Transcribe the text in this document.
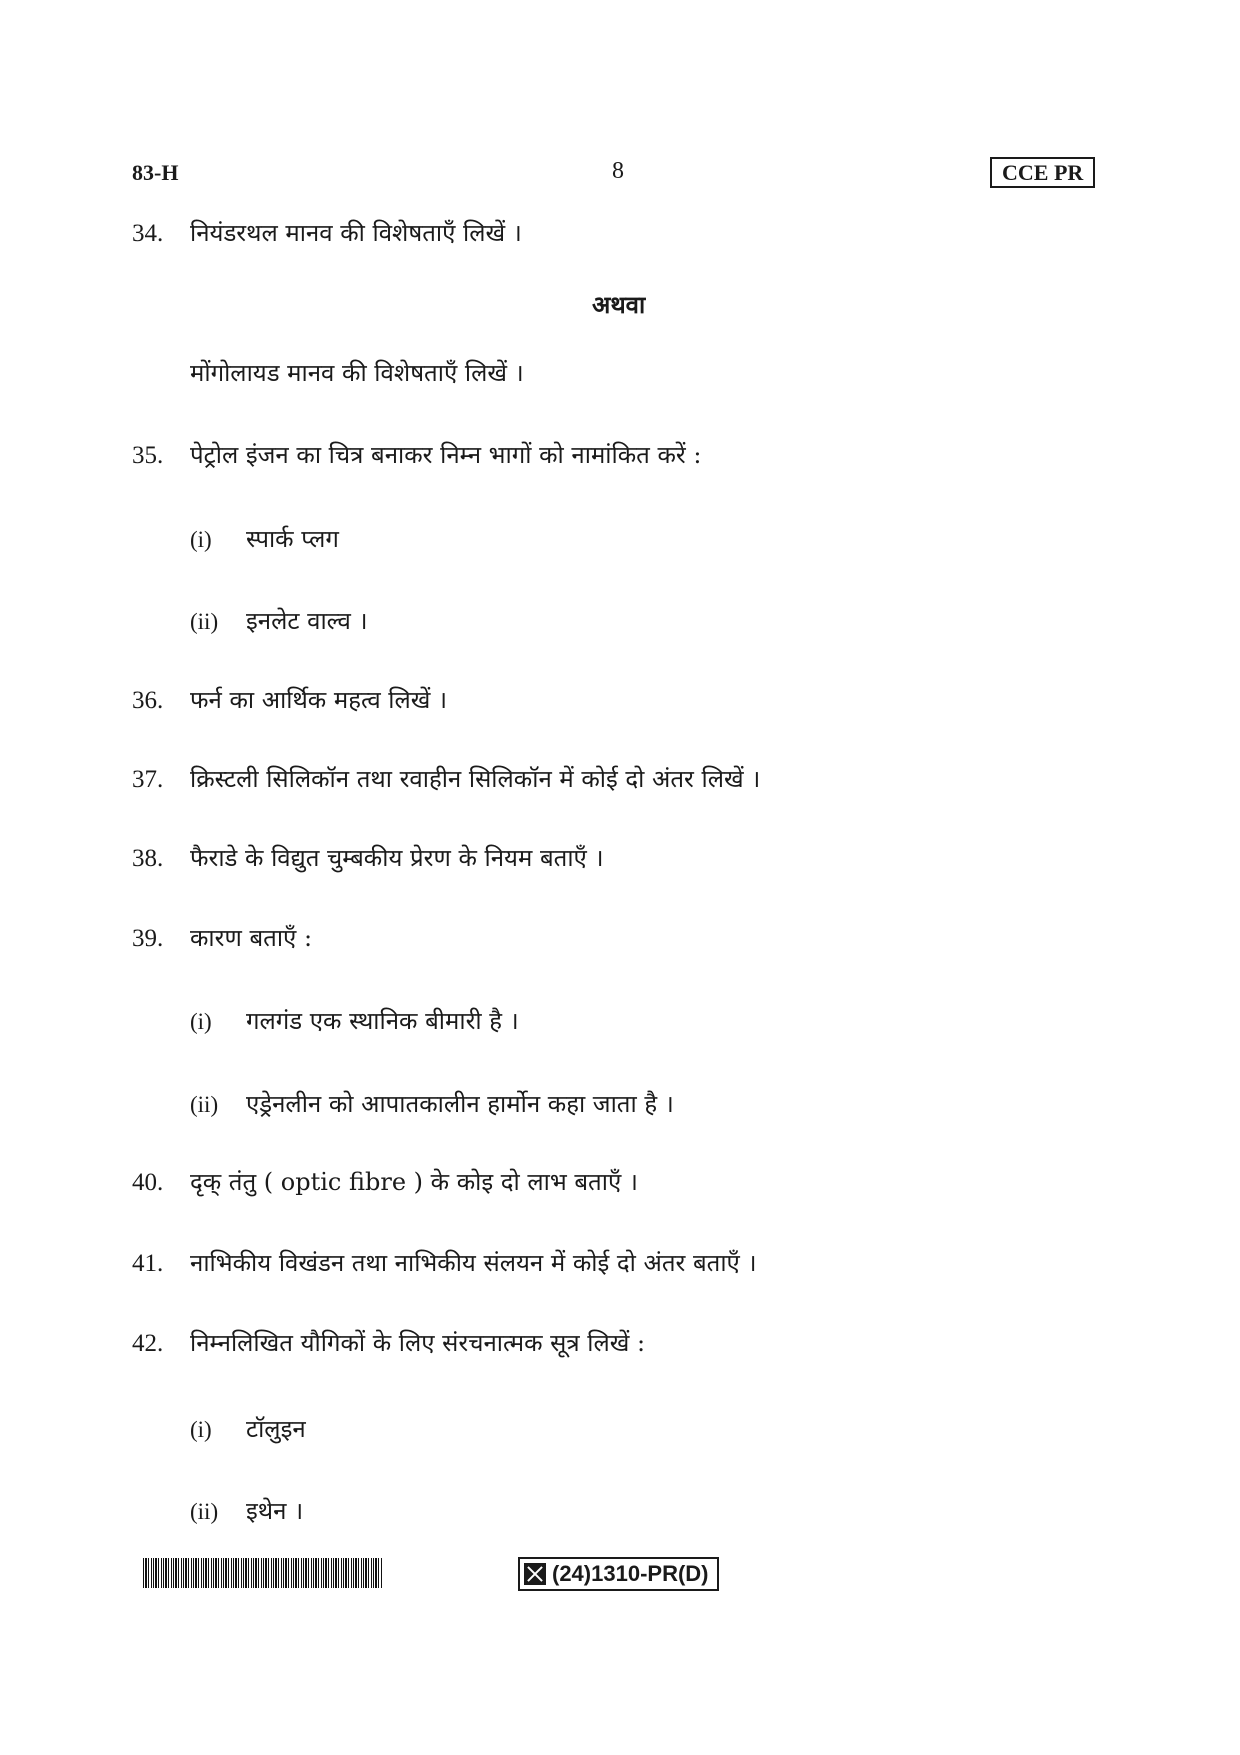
83-H	8	CCE PR
34. नियंडरथल मानव की विशेषताएँ लिखें ।
अथवा
मोंगोलायड मानव की विशेषताएँ लिखें ।
35. पेट्रोल इंजन का चित्र बनाकर निम्न भागों को नामांकित करें :
(i) स्पार्क प्लग
(ii) इनलेट वाल्व ।
36. फर्न का आर्थिक महत्व लिखें ।
37. क्रिस्टली सिलिकॉन तथा रवाहीन सिलिकॉन में कोई दो अंतर लिखें ।
38. फैराडे के विद्युत चुम्बकीय प्रेरण के नियम बताएँ ।
39. कारण बताएँ :
(i) गलगंड एक स्थानिक बीमारी है ।
(ii) एड्रेनलीन को आपातकालीन हार्मोन कहा जाता है ।
40. दृक् तंतु ( optic fibre ) के कोइ दो लाभ बताएँ ।
41. नाभिकीय विखंडन तथा नाभिकीय संलयन में कोई दो अंतर बताएँ ।
42. निम्नलिखित यौगिकों के लिए संरचनात्मक सूत्र लिखें :
(i) टॉलुइन
(ii) इथेन ।
(24)1310-PR(D)
